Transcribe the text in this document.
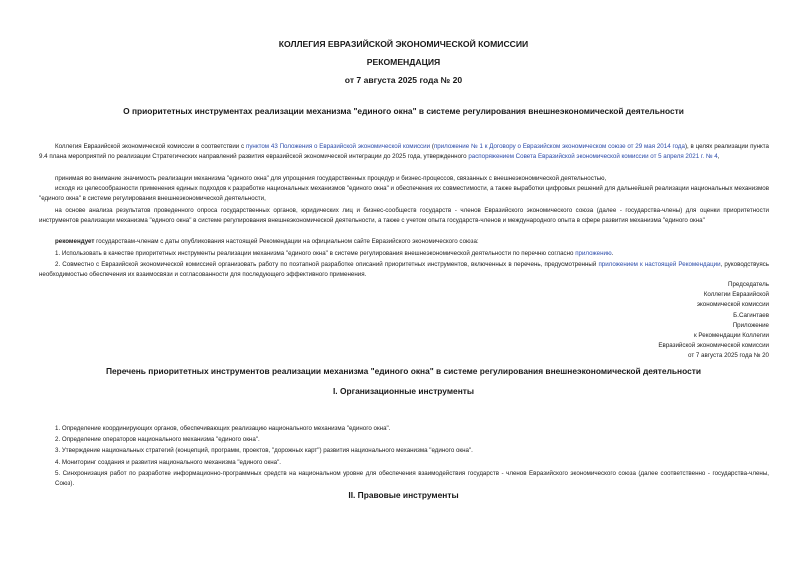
КОЛЛЕГИЯ ЕВРАЗИЙСКОЙ ЭКОНОМИЧЕСКОЙ КОМИССИИ
РЕКОМЕНДАЦИЯ
от 7 августа 2025 года № 20
О приоритетных инструментах реализации механизма "единого окна" в системе регулирования внешнеэкономической деятельности

Коллегия Евразийской экономической комиссии в соответствии с пунктом 43 Положения о Евразийской экономической комиссии (приложение № 1 к Договору о Евразийском экономическом союзе от 29 мая 2014 года), в целях реализации пункта 9.4 плана мероприятий по реализации Стратегических направлений развития евразийской экономической интеграции до 2025 года, утвержденного распоряжением Совета Евразийской экономической комиссии от 5 апреля 2021 г. № 4,

принимая во внимание значимость реализации механизма "единого окна" для упрощения государственных процедур и бизнес-процессов, связанных с внешнеэкономической деятельностью,

исходя из целесообразности применения единых подходов к разработке национальных механизмов "единого окна" и обеспечения их совместимости, а также выработки цифровых решений для дальнейшей реализации национальных механизмов "единого окна" в системе регулирования внешнеэкономической деятельности,

на основе анализа результатов проведенного опроса государственных органов, юридических лиц и бизнес-сообществ государств - членов Евразийского экономического союза (далее - государства-члены) для оценки приоритетности инструментов реализации механизма "единого окна" в системе регулирования внешнеэкономической деятельности, а также с учетом опыта государств-членов и международного опыта в сфере развития механизма "единого окна"

рекомендует государствам-членам с даты опубликования настоящей Рекомендации на официальном сайте Евразийского экономического союза:

1. Использовать в качестве приоритетных инструменты реализации механизма "единого окна" в системе регулирования внешнеэкономической деятельности по перечню согласно приложению.

2. Совместно с Евразийской экономической комиссией организовать работу по поэтапной разработке описаний приоритетных инструментов, включенных в перечень, предусмотренный приложением к настоящей Рекомендации, руководствуясь необходимостью обеспечения их взаимосвязи и согласованности для последующего эффективного применения.

Председатель
Коллегии Евразийской
экономической комиссии
Б.Сагинтаев
Приложение
к Рекомендации Коллегии
Евразийской экономической комиссии
от 7 августа 2025 года № 20
Перечень приоритетных инструментов реализации механизма "единого окна" в системе регулирования внешнеэкономической деятельности
I. Организационные инструменты
1. Определение координирующих органов, обеспечивающих реализацию национального механизма "единого окна".
2. Определение операторов национального механизма "единого окна".
3. Утверждение национальных стратегий (концепций, программ, проектов, "дорожных карт") развития национального механизма "единого окна".
4. Мониторинг создания и развития национального механизма "единого окна".
5. Синхронизация работ по разработке информационно-программных средств на национальном уровне для обеспечения взаимодействия государств - членов Евразийского экономического союза (далее соответственно - государства-члены, Союз).
II. Правовые инструменты
